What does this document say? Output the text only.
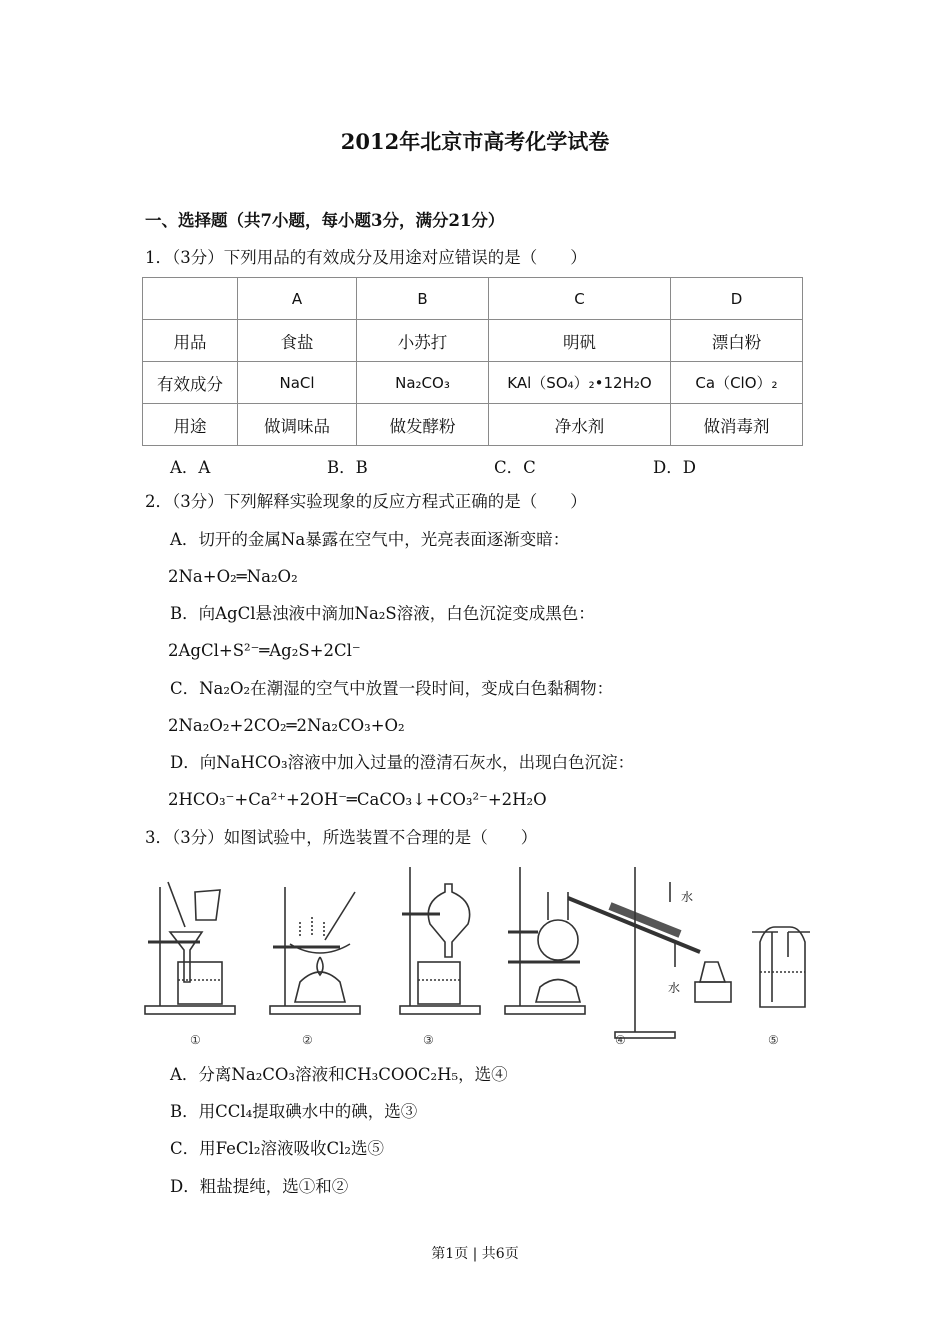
2012年北京市高考化学试卷
一、选择题（共7小题，每小题3分，满分21分）
1．（3分）下列用品的有效成分及用途对应错误的是（　　）
	A	B	C	D
用品	食盐	小苏打	明矾	漂白粉
有效成分	NaCl	Na₂CO₃	KAl（SO₄）₂•12H₂O	Ca（ClO）₂
用途	做调味品	做发酵粉	净水剂	做消毒剂
A．A	B．B	C．C	D．D
2．（3分）下列解释实验现象的反应方程式正确的是（　　）
A．切开的金属Na暴露在空气中，光亮表面逐渐变暗：
2Na+O₂═Na₂O₂
B．向AgCl悬浊液中滴加Na₂S溶液，白色沉淀变成黑色：
2AgCl+S²⁻═Ag₂S+2Cl⁻
C．Na₂O₂在潮湿的空气中放置一段时间，变成白色黏稠物：
2Na₂O₂+2CO₂═2Na₂CO₃+O₂
D．向NaHCO₃溶液中加入过量的澄清石灰水，出现白色沉淀：
2HCO₃⁻+Ca²⁺+2OH⁻═CaCO₃↓+CO₃²⁻+2H₂O
3．（3分）如图试验中，所选装置不合理的是（　　）
水
水
①	②	③	④	⑤
A．分离Na₂CO₃溶液和CH₃COOC₂H₅，选④
B．用CCl₄提取碘水中的碘，选③
C．用FeCl₂溶液吸收Cl₂选⑤
D．粗盐提纯，选①和②
第1页 | 共6页
